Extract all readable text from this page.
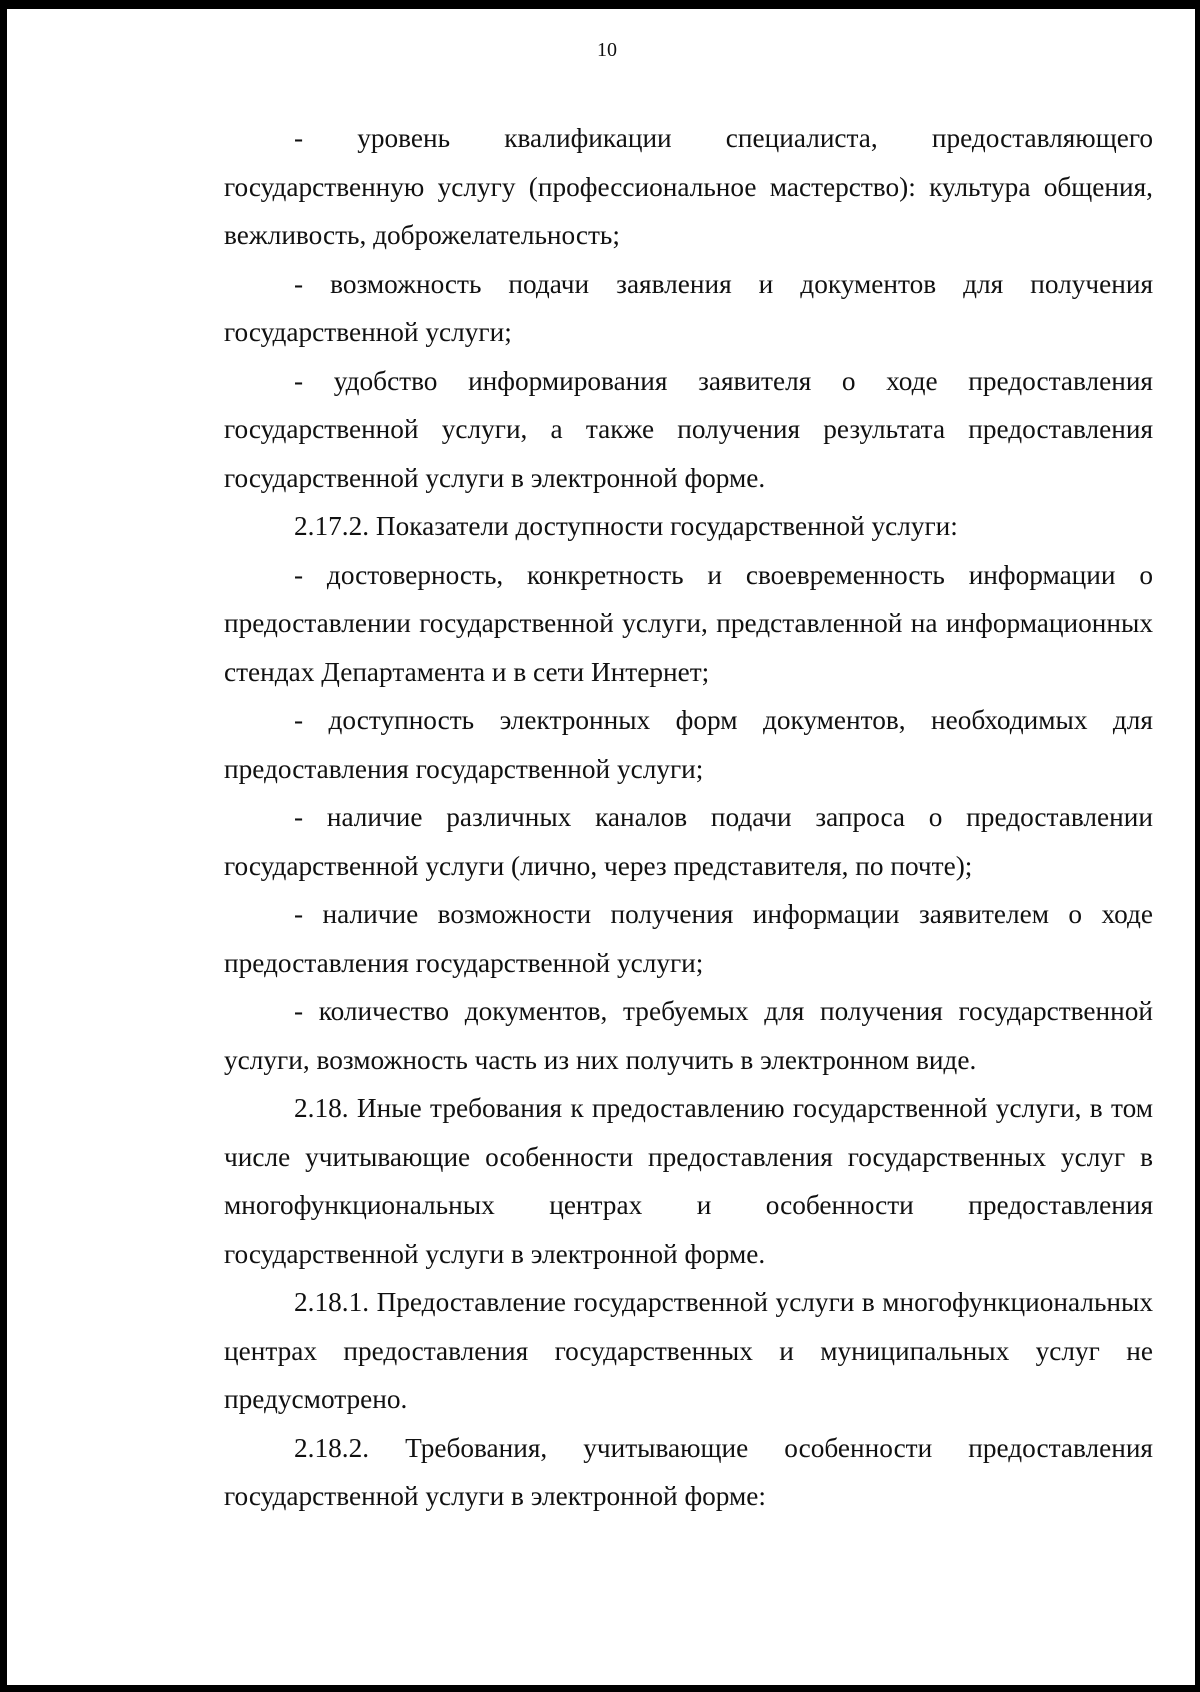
10

- уровень квалификации специалиста, предоставляющего государственную услугу (профессиональное мастерство): культура общения, вежливость, доброжелательность;

- возможность подачи заявления и документов для получения государственной услуги;

- удобство информирования заявителя о ходе предоставления государственной услуги, а также получения результата предоставления государственной услуги в электронной форме.

2.17.2. Показатели доступности государственной услуги:

- достоверность, конкретность и своевременность информации о предоставлении государственной услуги, представленной на информационных стендах Департамента и в сети Интернет;

- доступность электронных форм документов, необходимых для предоставления государственной услуги;

- наличие различных каналов подачи запроса о предоставлении государственной услуги (лично, через представителя, по почте);

- наличие возможности получения информации заявителем о ходе предоставления государственной услуги;

- количество документов, требуемых для получения государственной услуги, возможность часть из них получить в электронном виде.

2.18. Иные требования к предоставлению государственной услуги, в том числе учитывающие особенности предоставления государственных услуг в многофункциональных центрах и особенности предоставления государственной услуги в электронной форме.

2.18.1. Предоставление государственной услуги в многофункциональных центрах предоставления государственных и муниципальных услуг не предусмотрено.

2.18.2. Требования, учитывающие особенности предоставления государственной услуги в электронной форме:
